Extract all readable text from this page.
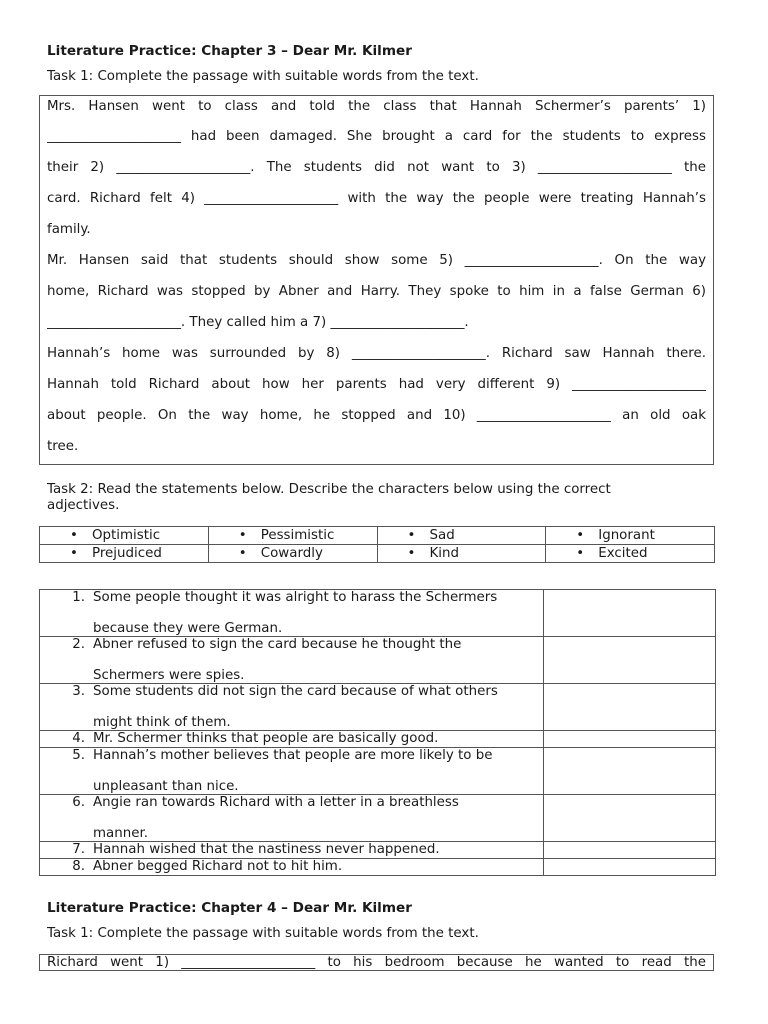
Literature Practice: Chapter 3 – Dear Mr. Kilmer
Task 1: Complete the passage with suitable words from the text.
Mrs. Hansen went to class and told the class that Hannah Schermer’s parents’ 1)
____________________ had been damaged. She brought a card for the students to express
their 2) ____________________. The students did not want to 3) ____________________ the
card. Richard felt 4) ____________________ with the way the people were treating Hannah’s
family.
Mr. Hansen said that students should show some 5) ____________________. On the way
home, Richard was stopped by Abner and Harry. They spoke to him in a false German 6)
____________________. They called him a 7) ____________________.
Hannah’s home was surrounded by 8) ____________________. Richard saw Hannah there.
Hannah told Richard about how her parents had very different 9) ____________________
about people. On the way home, he stopped and 10) ____________________ an old oak
tree.
Task 2: Read the statements below. Describe the characters below using the correct
adjectives.
• Optimistic	• Pessimistic	• Sad	• Ignorant
• Prejudiced	• Cowardly	• Kind	• Excited
1. Some people thought it was alright to harass the Schermers
because they were German.	

2. Abner refused to sign the card because he thought the
Schermers were spies.	

3. Some students did not sign the card because of what others
might think of them.	

4. Mr. Schermer thinks that people are basically good.	

5. Hannah’s mother believes that people are more likely to be
unpleasant than nice.	

6. Angie ran towards Richard with a letter in a breathless
manner.	

7. Hannah wished that the nastiness never happened.	

8. Abner begged Richard not to hit him.	

Literature Practice: Chapter 4 – Dear Mr. Kilmer
Task 1: Complete the passage with suitable words from the text.
Richard went 1) ____________________ to his bedroom because he wanted to read the
